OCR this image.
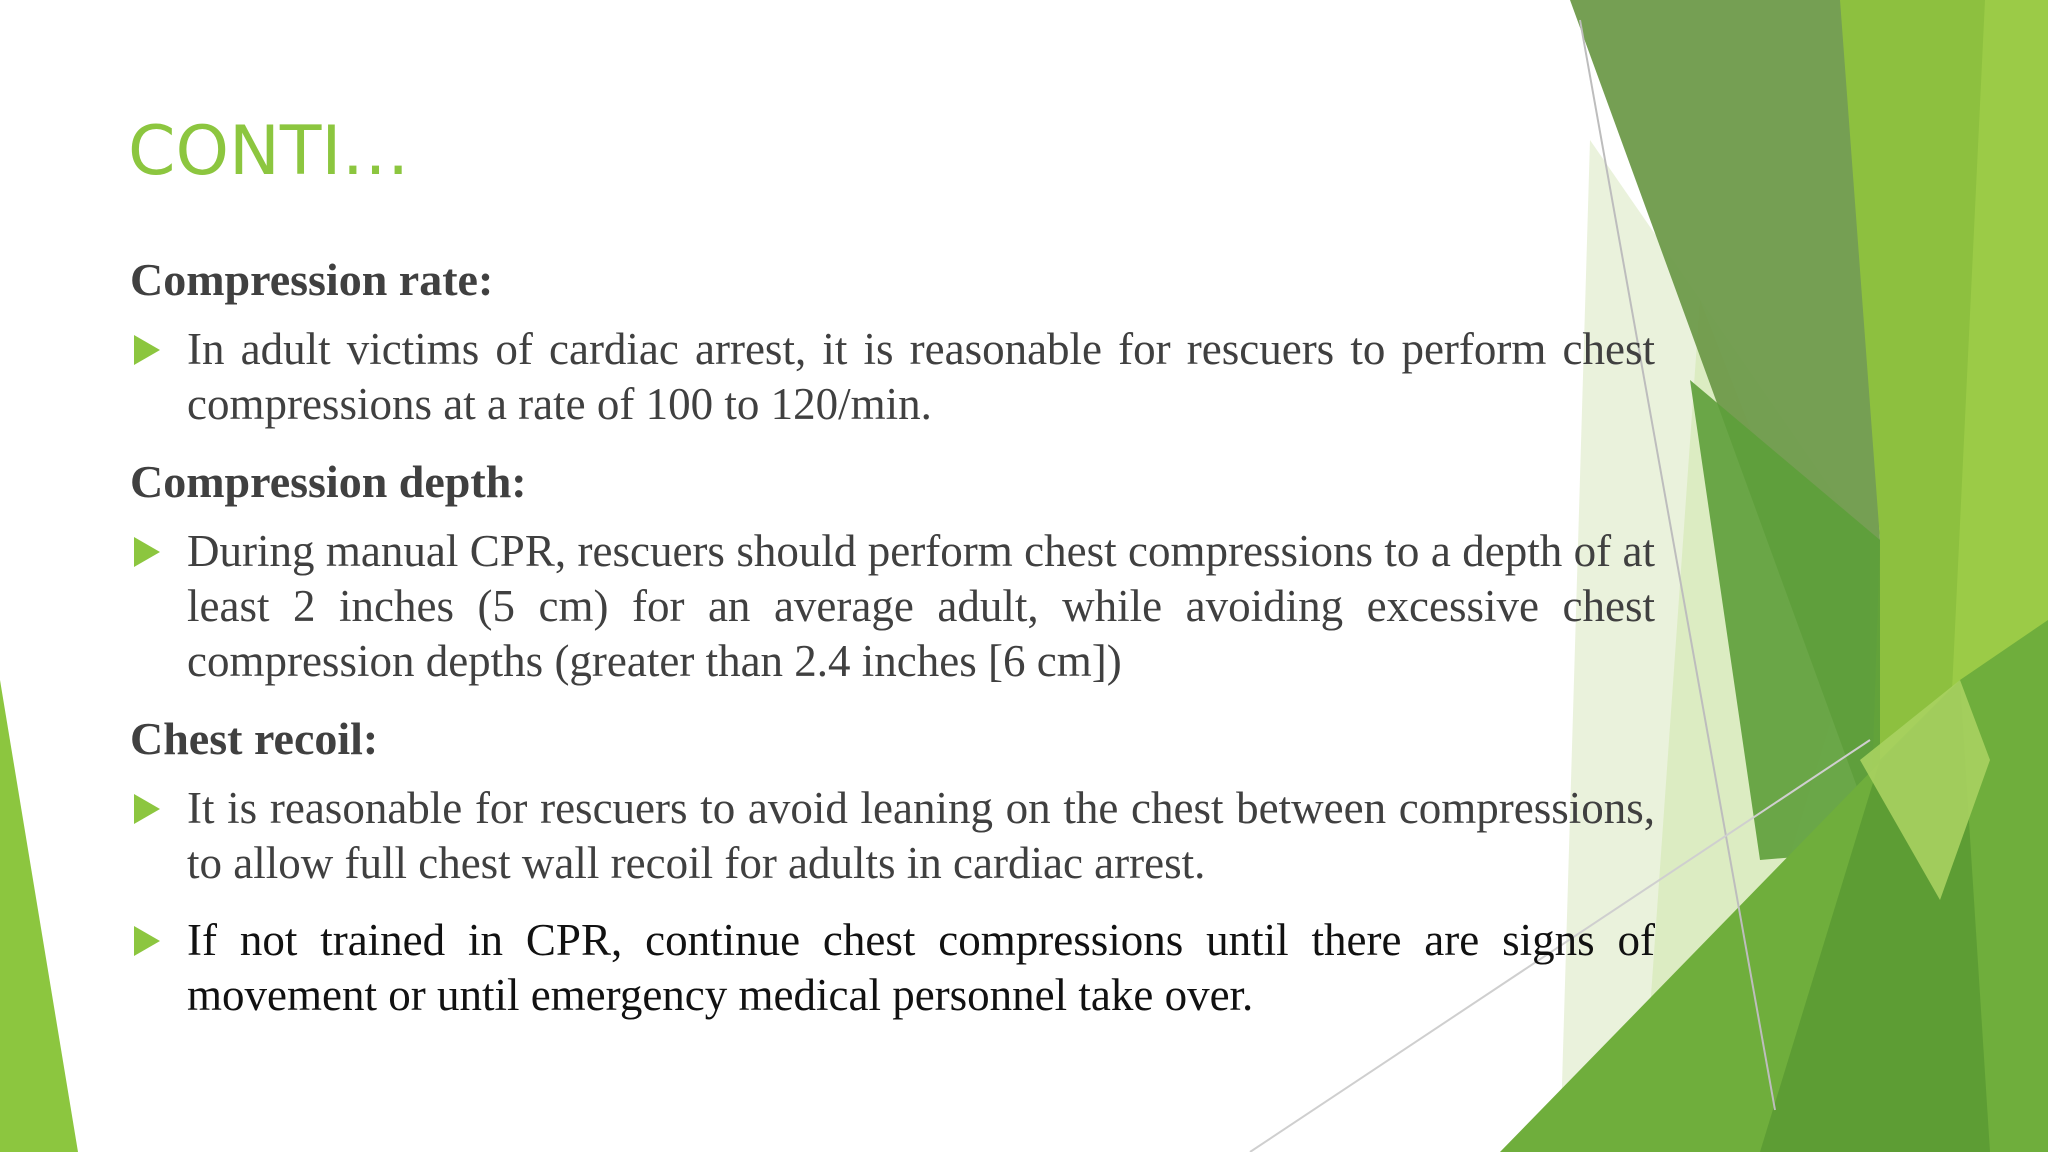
CONTI…
Compression rate:
In adult victims of cardiac arrest, it is reasonable for rescuers to perform chest compressions at a rate of 100 to 120/min.
Compression depth:
During manual CPR, rescuers should perform chest compressions to a depth of at least 2 inches (5 cm) for an average adult, while avoiding excessive chest compression depths (greater than 2.4 inches [6 cm])
Chest recoil:
It is reasonable for rescuers to avoid leaning on the chest between compressions, to allow full chest wall recoil for adults in cardiac arrest.
If not trained in CPR, continue chest compressions until there are signs of movement or until emergency medical personnel take over.
